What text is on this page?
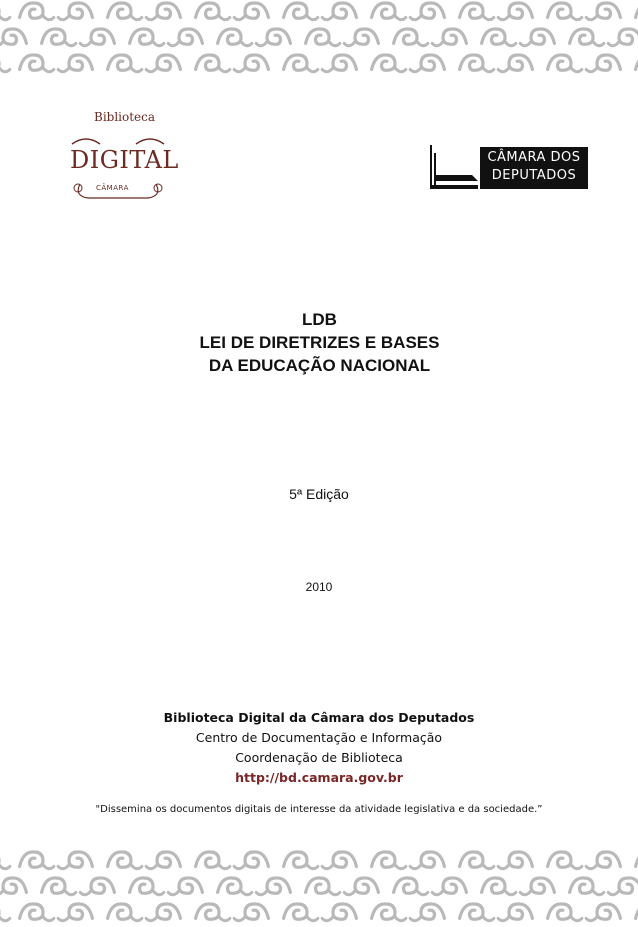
Biblioteca
DIGITAL
CÂMARA
CÂMARA DOS
DEPUTADOS
LDB
LEI DE DIRETRIZES E BASES
DA EDUCAÇÃO NACIONAL
5ª Edição
2010
Biblioteca Digital da Câmara dos Deputados
Centro de Documentação e Informação
Coordenação de Biblioteca
http://bd.camara.gov.br
"Dissemina os documentos digitais de interesse da atividade legislativa e da sociedade.”
